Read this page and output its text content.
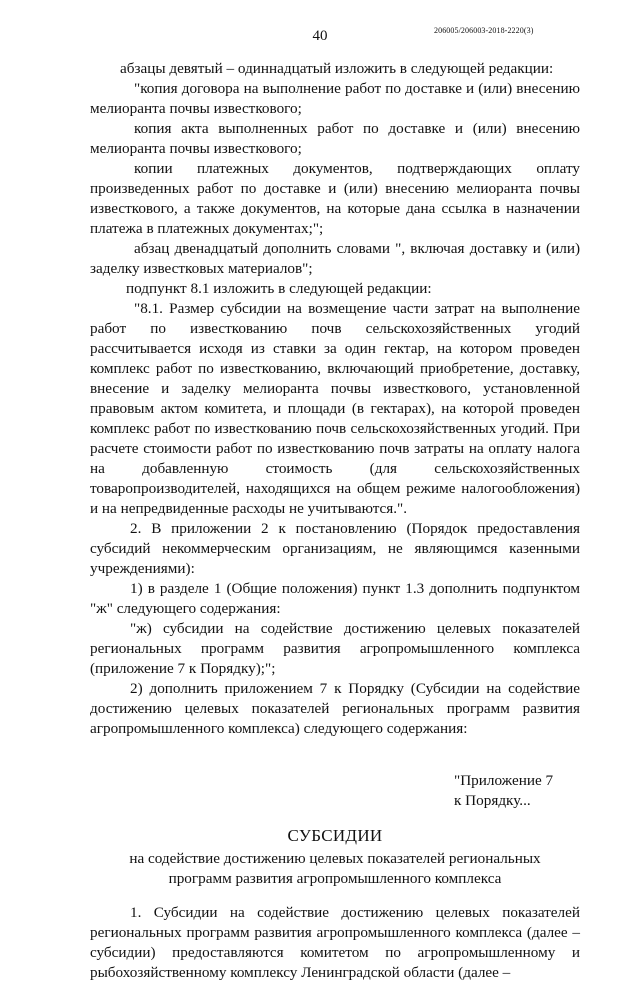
40	206005/206003-2018-2220(3)

абзацы девятый – одиннадцатый изложить в следующей редакции:

"копия договора на выполнение работ по доставке и (или) внесению мелиоранта почвы известкового;

копия акта выполненных работ по доставке и (или) внесению мелиоранта почвы известкового;

копии платежных документов, подтверждающих оплату произведенных работ по доставке и (или) внесению мелиоранта почвы известкового, а также документов, на которые дана ссылка в назначении платежа в платежных документах;";

абзац двенадцатый дополнить словами ", включая доставку и (или) заделку известковых материалов";

подпункт 8.1 изложить в следующей редакции:

"8.1. Размер субсидии на возмещение части затрат на выполнение работ по известкованию почв сельскохозяйственных угодий рассчитывается исходя из ставки за один гектар, на котором проведен комплекс работ по известкованию, включающий приобретение, доставку, внесение и заделку мелиоранта почвы известкового, установленной правовым актом комитета, и площади (в гектарах), на которой проведен комплекс работ по известкованию почв сельскохозяйственных угодий. При расчете стоимости работ по известкованию почв затраты на оплату налога на добавленную стоимость (для сельскохозяйственных товаропроизводителей, находящихся на общем режиме налогообложения) и на непредвиденные расходы не учитываются.".

2. В приложении 2 к постановлению (Порядок предоставления субсидий некоммерческим организациям, не являющимся казенными учреждениями):

1) в разделе 1 (Общие положения) пункт 1.3 дополнить подпунктом "ж" следующего содержания:

"ж) субсидии на содействие достижению целевых показателей региональных программ развития агропромышленного комплекса (приложение 7 к Порядку);";

2) дополнить приложением 7 к Порядку (Субсидии на содействие достижению целевых показателей региональных программ развития агропромышленного комплекса) следующего содержания:

"Приложение 7
к Порядку...

СУБСИДИИ

на содействие достижению целевых показателей региональных программ развития агропромышленного комплекса

1. Субсидии на содействие достижению целевых показателей региональных программ развития агропромышленного комплекса (далее – субсидии) предоставляются комитетом по агропромышленному и рыбохозяйственному комплексу Ленинградской области (далее –
